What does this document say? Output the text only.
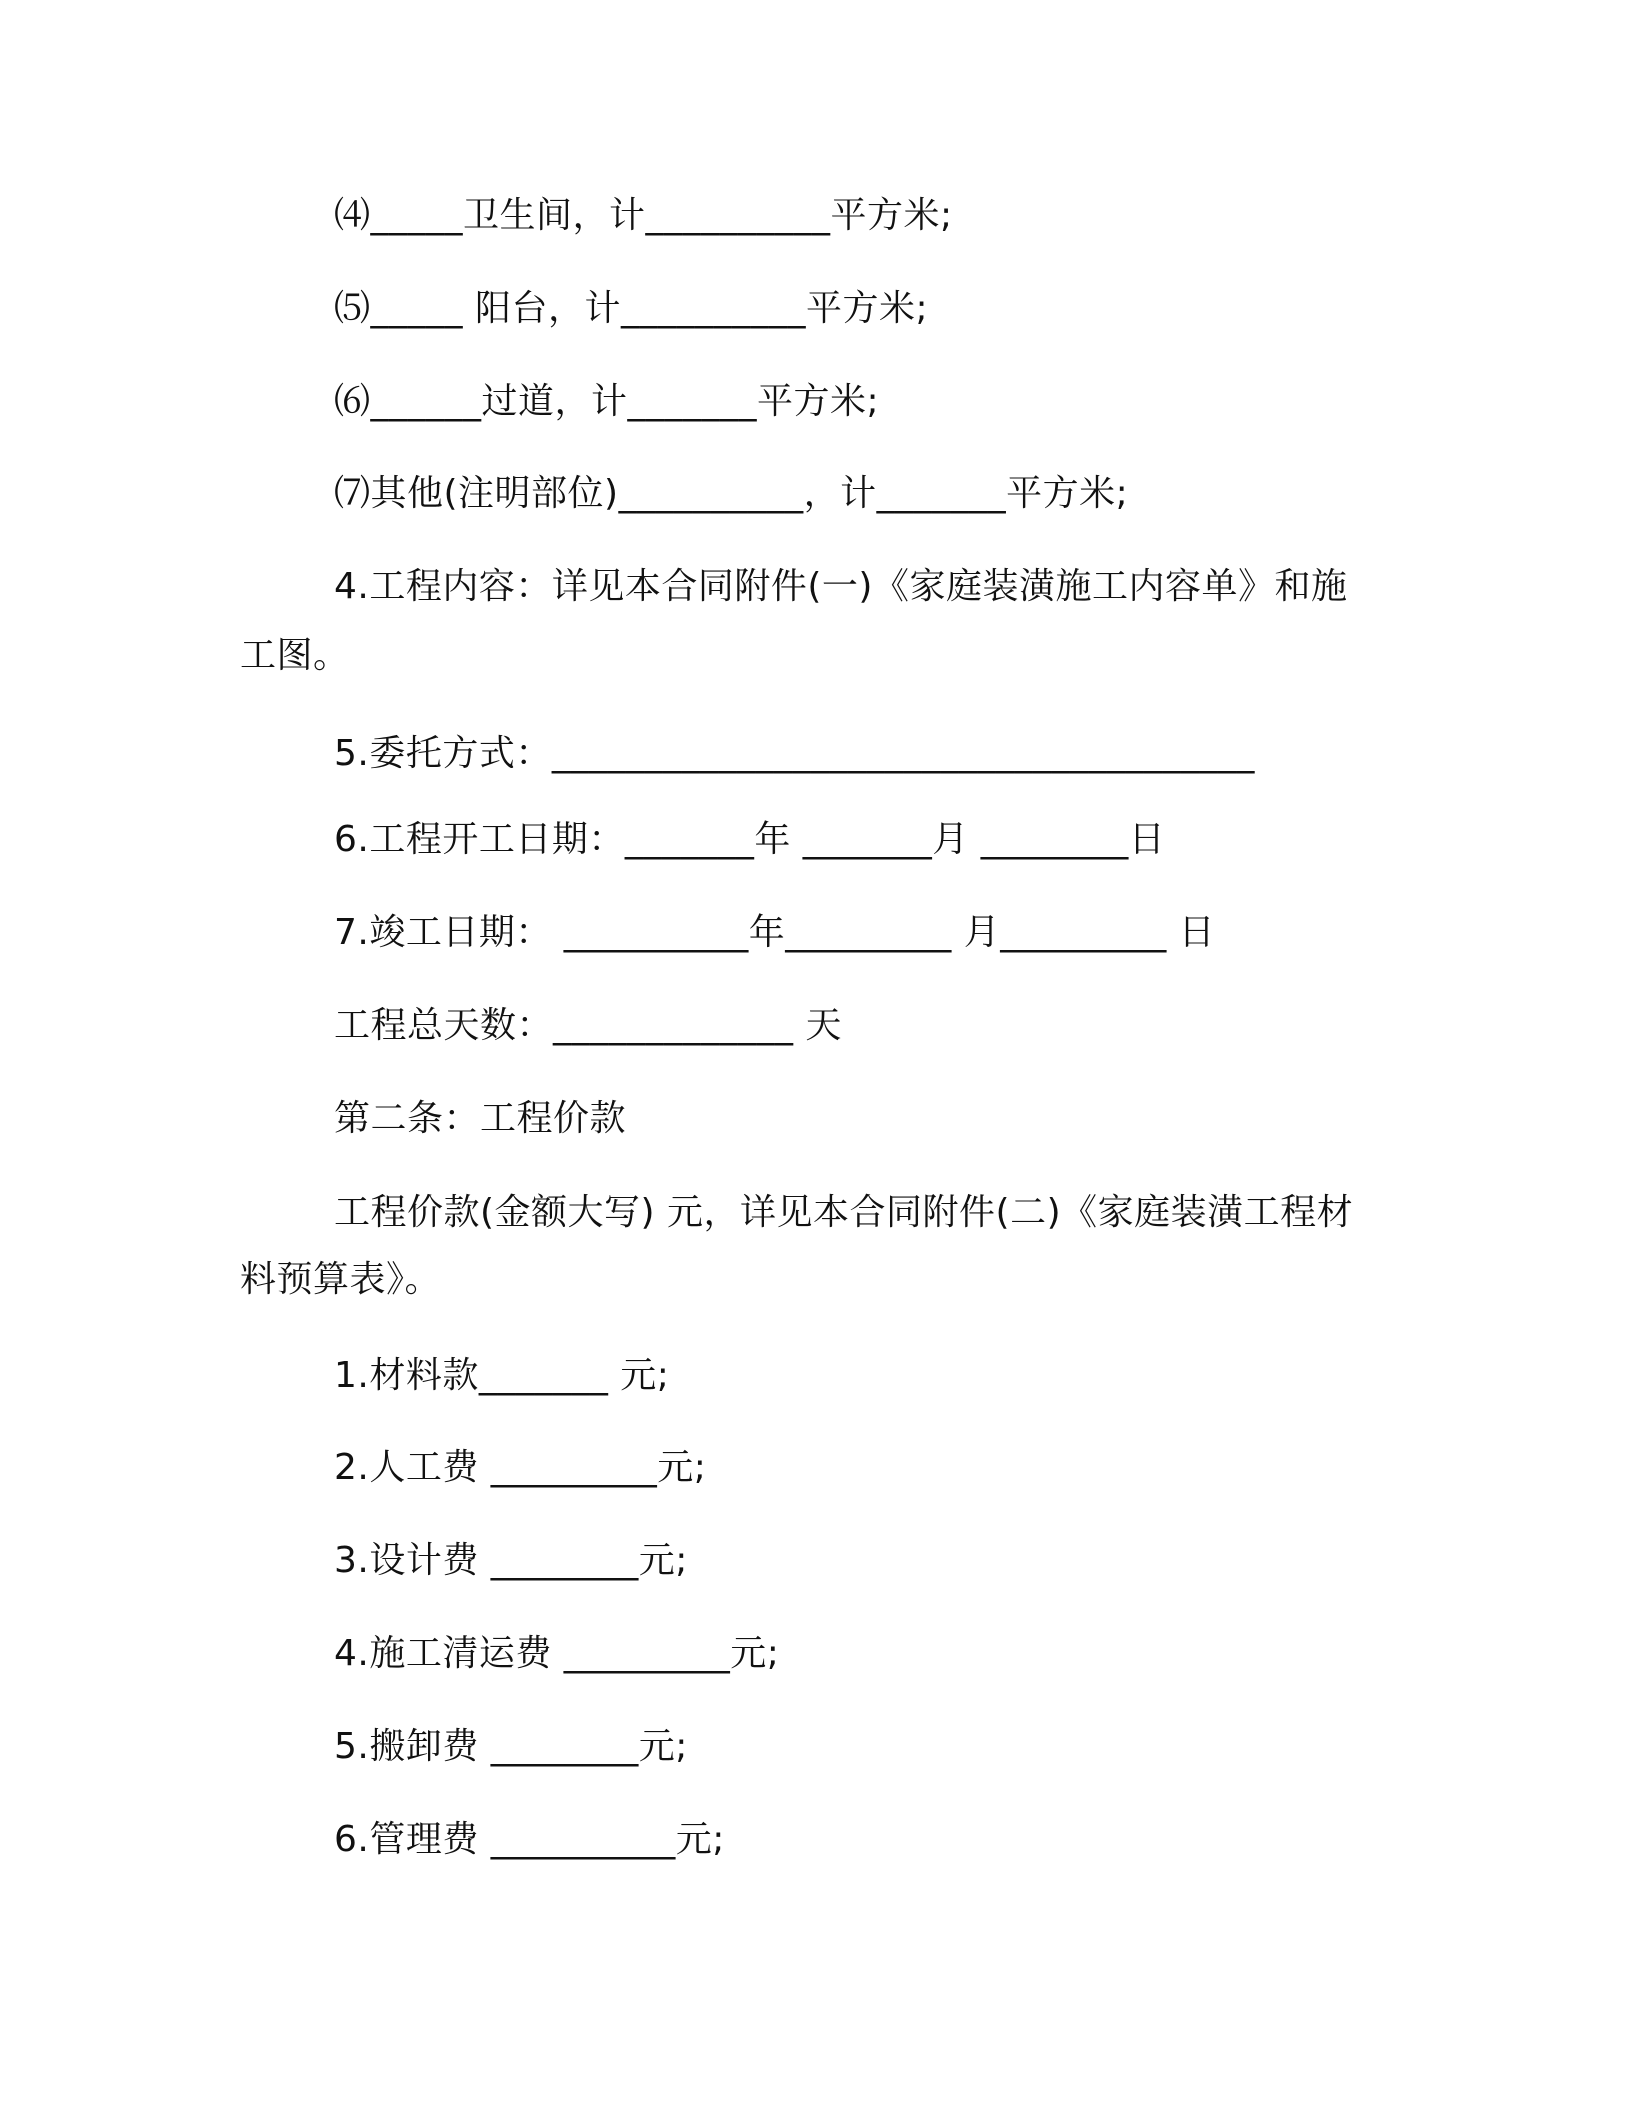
⑷_____卫生间，计__________平方米;
⑸_____ 阳台，计__________平方米;
⑹______过道，计_______平方米;
⑺其他(注明部位)__________，计_______平方米;
4.工程内容：详见本合同附件(一)《家庭装潢施工内容单》和施
工图。
5.委托方式：______________________________________
6.工程开工日期：_______年 _______月 ________日
7.竣工日期： __________年_________ 月_________ 日
工程总天数：_____________ 天
第二条：工程价款
工程价款(金额大写) 元，详见本合同附件(二)《家庭装潢工程材
料预算表》。
1.材料款_______ 元;
2.人工费 _________元;
3.设计费 ________元;
4.施工清运费 _________元;
5.搬卸费 ________元;
6.管理费 __________元;
